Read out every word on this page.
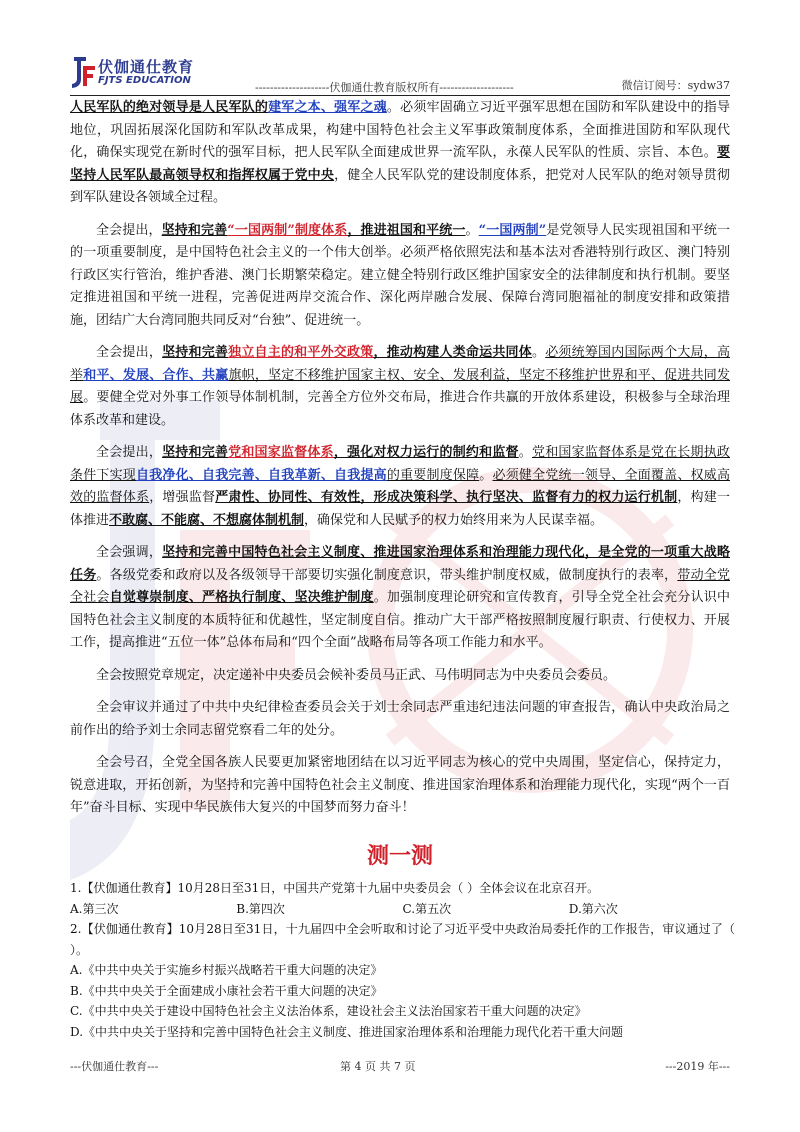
伏伽通仕教育
FJTS EDUCATION
--------------------伏伽通仕教育版权所有--------------------	微信订阅号：sydw37

人民军队的绝对领导是人民军队的建军之本、强军之魂。必须牢固确立习近平强军思想在国防和军队建设中的指导地位，巩固拓展深化国防和军队改革成果，构建中国特色社会主义军事政策制度体系，全面推进国防和军队现代化，确保实现党在新时代的强军目标，把人民军队全面建成世界一流军队，永葆人民军队的性质、宗旨、本色。要坚持人民军队最高领导权和指挥权属于党中央，健全人民军队党的建设制度体系，把党对人民军队的绝对领导贯彻到军队建设各领域全过程。

全会提出，坚持和完善“一国两制”制度体系，推进祖国和平统一。“一国两制”是党领导人民实现祖国和平统一的一项重要制度，是中国特色社会主义的一个伟大创举。必须严格依照宪法和基本法对香港特别行政区、澳门特别行政区实行管治，维护香港、澳门长期繁荣稳定。建立健全特别行政区维护国家安全的法律制度和执行机制。要坚定推进祖国和平统一进程，完善促进两岸交流合作、深化两岸融合发展、保障台湾同胞福祉的制度安排和政策措施，团结广大台湾同胞共同反对“台独”、促进统一。

全会提出，坚持和完善独立自主的和平外交政策，推动构建人类命运共同体。必须统筹国内国际两个大局，高举和平、发展、合作、共赢旗帜，坚定不移维护国家主权、安全、发展利益，坚定不移维护世界和平、促进共同发展。要健全党对外事工作领导体制机制，完善全方位外交布局，推进合作共赢的开放体系建设，积极参与全球治理体系改革和建设。

全会提出，坚持和完善党和国家监督体系，强化对权力运行的制约和监督。党和国家监督体系是党在长期执政条件下实现自我净化、自我完善、自我革新、自我提高的重要制度保障。必须健全党统一领导、全面覆盖、权威高效的监督体系，增强监督严肃性、协同性、有效性，形成决策科学、执行坚决、监督有力的权力运行机制，构建一体推进不敢腐、不能腐、不想腐体制机制，确保党和人民赋予的权力始终用来为人民谋幸福。

全会强调，坚持和完善中国特色社会主义制度、推进国家治理体系和治理能力现代化，是全党的一项重大战略任务。各级党委和政府以及各级领导干部要切实强化制度意识，带头维护制度权威，做制度执行的表率，带动全党全社会自觉尊崇制度、严格执行制度、坚决维护制度。加强制度理论研究和宣传教育，引导全党全社会充分认识中国特色社会主义制度的本质特征和优越性，坚定制度自信。推动广大干部严格按照制度履行职责、行使权力、开展工作，提高推进“五位一体”总体布局和“四个全面”战略布局等各项工作能力和水平。

全会按照党章规定，决定递补中央委员会候补委员马正武、马伟明同志为中央委员会委员。

全会审议并通过了中共中央纪律检查委员会关于刘士余同志严重违纪违法问题的审查报告，确认中央政治局之前作出的给予刘士余同志留党察看二年的处分。

全会号召，全党全国各族人民要更加紧密地团结在以习近平同志为核心的党中央周围，坚定信心，保持定力，锐意进取，开拓创新，为坚持和完善中国特色社会主义制度、推进国家治理体系和治理能力现代化，实现“两个一百年”奋斗目标、实现中华民族伟大复兴的中国梦而努力奋斗！

测一测
1.【伏伽通仕教育】10月28日至31日，中国共产党第十九届中央委员会（ ）全体会议在北京召开。
A.第三次	B.第四次	C.第五次	D.第六次
2.【伏伽通仕教育】10月28日至31日，十九届四中全会听取和讨论了习近平受中央政治局委托作的工作报告，审议通过了（ ）。
A.《中共中央关于实施乡村振兴战略若干重大问题的决定》
B.《中共中央关于全面建成小康社会若干重大问题的决定》
C.《中共中央关于建设中国特色社会主义法治体系，建设社会主义法治国家若干重大问题的决定》
D.《中共中央关于坚持和完善中国特色社会主义制度、推进国家治理体系和治理能力现代化若干重大问题
---伏伽通仕教育---	第 4 页 共 7 页	---2019 年---
